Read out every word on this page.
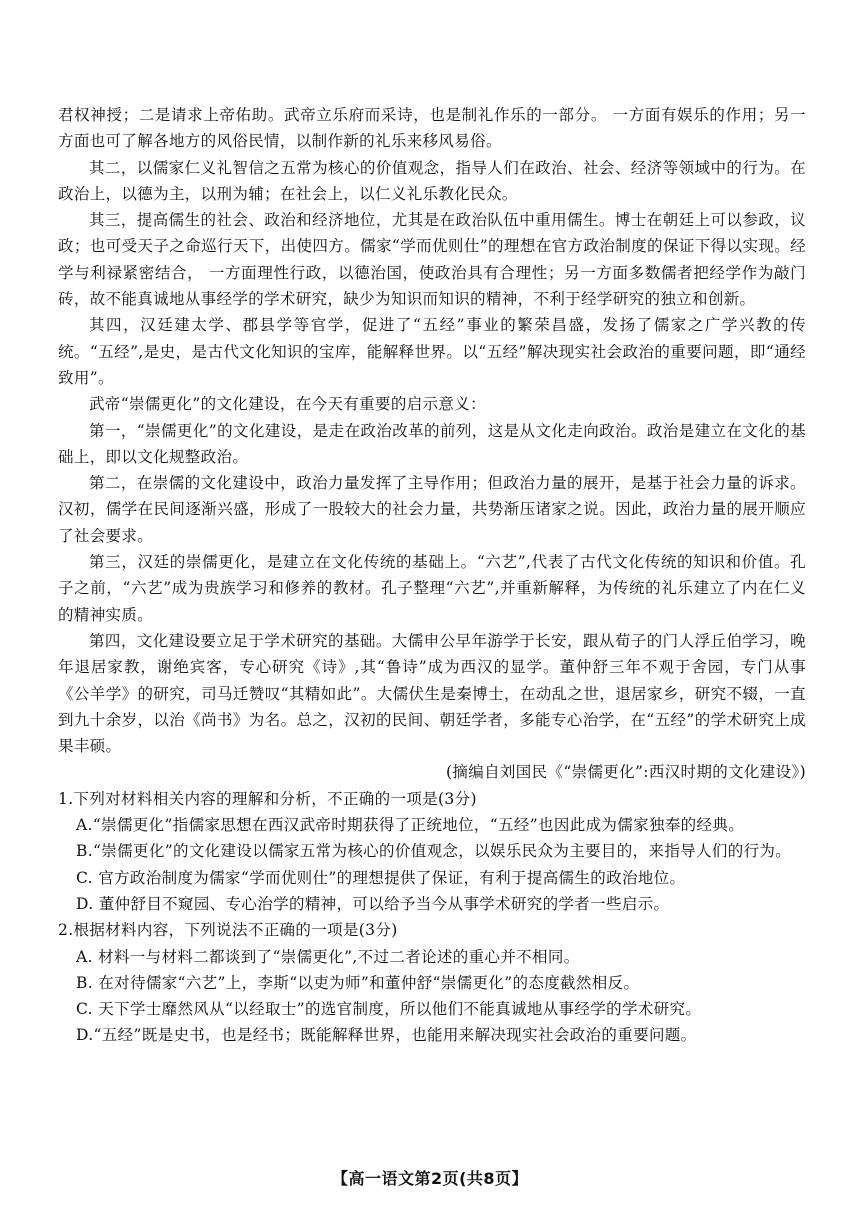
君权神授；二是请求上帝佑助。武帝立乐府而采诗，也是制礼作乐的一部分。 一方面有娱乐的作用；另一方面也可了解各地方的风俗民情，以制作新的礼乐来移风易俗。

其二，以儒家仁义礼智信之五常为核心的价值观念，指导人们在政治、社会、经济等领域中的行为。在政治上，以德为主，以刑为辅；在社会上，以仁义礼乐教化民众。

其三，提高儒生的社会、政治和经济地位，尤其是在政治队伍中重用儒生。博士在朝廷上可以参政，议政；也可受天子之命巡行天下，出使四方。儒家“学而优则仕”的理想在官方政治制度的保证下得以实现。经学与利禄紧密结合， 一方面理性行政，以德治国，使政治具有合理性；另一方面多数儒者把经学作为敲门砖，故不能真诚地从事经学的学术研究，缺少为知识而知识的精神，不利于经学研究的独立和创新。

其四，汉廷建太学、郡县学等官学，促进了“五经”事业的繁荣昌盛，发扬了儒家之广学兴教的传统。“五经”,是史，是古代文化知识的宝库，能解释世界。以“五经”解决现实社会政治的重要问题，即“通经致用”。

武帝“崇儒更化”的文化建设，在今天有重要的启示意义：

第一，“崇儒更化”的文化建设，是走在政治改革的前列，这是从文化走向政治。政治是建立在文化的基础上，即以文化规整政治。

第二，在崇儒的文化建设中，政治力量发挥了主导作用；但政治力量的展开，是基于社会力量的诉求。汉初，儒学在民间逐渐兴盛，形成了一股较大的社会力量，共势渐压诸家之说。因此，政治力量的展开顺应了社会要求。

第三，汉廷的崇儒更化，是建立在文化传统的基础上。“六艺”,代表了古代文化传统的知识和价值。孔子之前，“六艺”成为贵族学习和修养的教材。孔子整理“六艺”,并重新解释，为传统的礼乐建立了内在仁义的精神实质。

第四，文化建设要立足于学术研究的基础。大儒申公早年游学于长安，跟从荀子的门人浮丘伯学习，晚年退居家教，谢绝宾客，专心研究《诗》,其“鲁诗”成为西汉的显学。董仲舒三年不观于舍园，专门从事《公羊学》的研究，司马迁赞叹“其精如此”。大儒伏生是秦博士，在动乱之世，退居家乡，研究不辍，一直到九十余岁，以治《尚书》为名。总之，汉初的民间、朝廷学者，多能专心治学，在“五经”的学术研究上成果丰硕。

(摘编自刘国民《“崇儒更化”:西汉时期的文化建设》)

1.下列对材料相关内容的理解和分析，不正确的一项是(3分)

A.“崇儒更化”指儒家思想在西汉武帝时期获得了正统地位，“五经”也因此成为儒家独奉的经典。

B.“崇儒更化”的文化建设以儒家五常为核心的价值观念，以娱乐民众为主要目的，来指导人们的行为。

C. 官方政治制度为儒家“学而优则仕”的理想提供了保证，有利于提高儒生的政治地位。

D. 董仲舒目不窥园、专心治学的精神，可以给予当今从事学术研究的学者一些启示。

2.根据材料内容，下列说法不正确的一项是(3分)

A. 材料一与材料二都谈到了“崇儒更化”,不过二者论述的重心并不相同。

B. 在对待儒家“六艺”上，李斯“以吏为师”和董仲舒“崇儒更化”的态度截然相反。

C. 天下学士靡然风从“以经取士”的选官制度，所以他们不能真诚地从事经学的学术研究。

D.“五经”既是史书，也是经书；既能解释世界，也能用来解决现实社会政治的重要问题。

【高一语文第2页(共8页】
